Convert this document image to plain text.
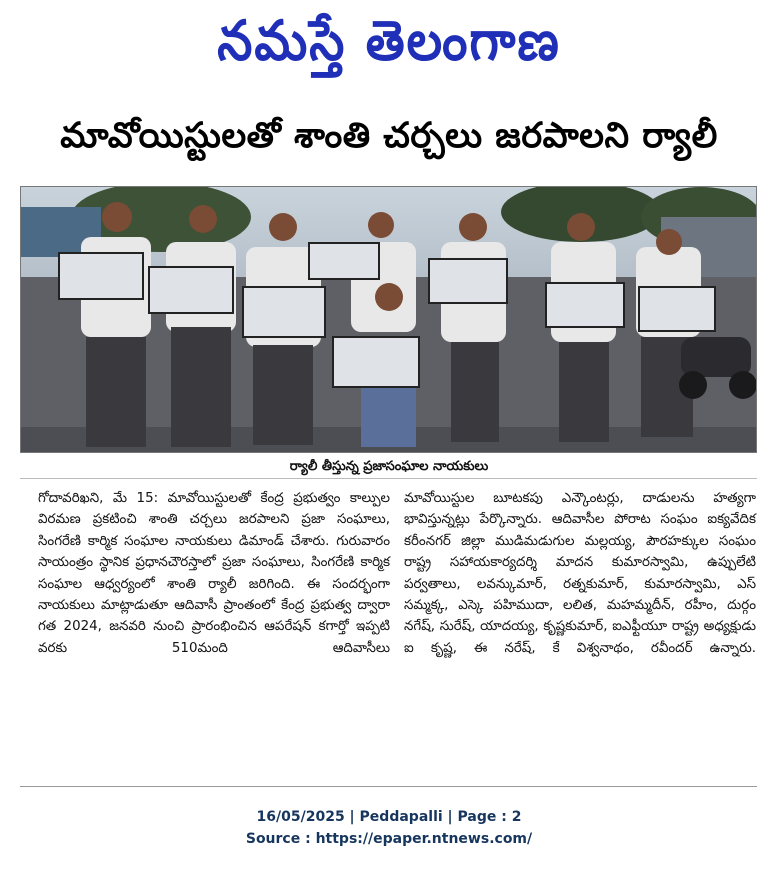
నమస్తే తెలంగాణ
మావోయిస్టులతో శాంతి చర్చలు జరపాలని ర్యాలీ
ర్యాలీ తీస్తున్న ప్రజాసంఘాల నాయకులు

గోదావరిఖని, మే 15: మావోయిస్టులతో కేంద్ర ప్రభుత్వం కాల్పుల విరమణ ప్రకటించి శాంతి చర్చలు జరపాలని ప్రజా సంఘాలు, సింగరేణి కార్మిక సంఘాల నాయకులు డిమాండ్ చేశారు. గురువారం సాయంత్రం స్థానిక ప్రధానచౌరస్తాలో ప్రజా సంఘాలు, సింగరేణి కార్మిక సంఘాల ఆధ్వర్యంలో శాంతి ర్యాలీ జరిగింది. ఈ సందర్భంగా నాయకులు మాట్లాడుతూ ఆదివాసీ ప్రాంతంలో కేంద్ర ప్రభుత్వ ద్వారా గత 2024, జనవరి నుంచి ప్రారంభించిన ఆపరేషన్ కగార్తో ఇప్పటి వరకు 510మంది ఆదివాసీలు

మావోయిస్టుల బూటకపు ఎన్కౌంటర్లు, దాడులను హత్యగా భావిస్తున్నట్లు పేర్కొన్నారు. ఆదివాసీల పోరాట సంఘం ఐక్యవేదిక కరీంనగర్ జిల్లా ముడిమడుగుల మల్లయ్య, పౌరహక్కుల సంఘం రాష్ట్ర సహాయకార్యదర్శి మాదన కుమారస్వామి, ఉప్పులేటి పర్వతాలు, లవన్కుమార్, రత్నకుమార్, కుమారస్వామి, ఎస్ సమ్మక్క, ఎస్కె పహిముదా, లలిత, మహమ్మదీన్, రహీం, దుర్గం నగేష్, సురేష్, యాదయ్య, కృష్ణకుమార్, ఐఎఫ్టీయూ రాష్ట్ర అధ్యక్షుడు ఐ కృష్ణ, ఈ నరేష్, కే విశ్వనాథం, రవీందర్ ఉన్నారు.

16/05/2025 | Peddapalli | Page : 2
Source : https://epaper.ntnews.com/
